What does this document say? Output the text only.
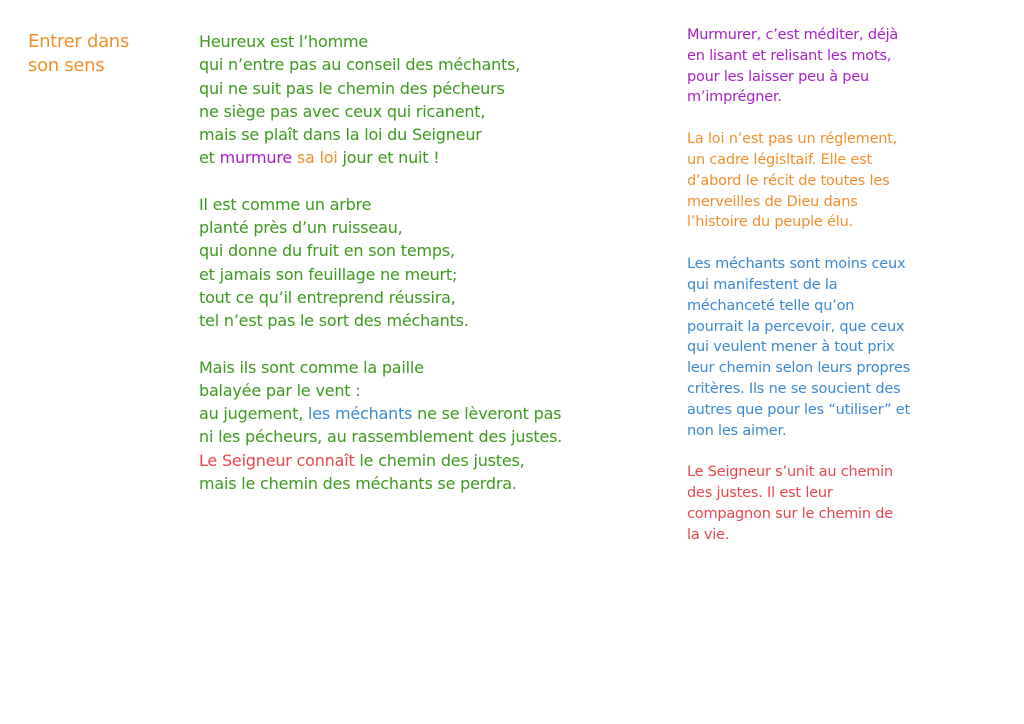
Entrer dans
son sens
Heureux est l’homme
qui n’entre pas au conseil des méchants,
qui ne suit pas le chemin des pécheurs
ne siège pas avec ceux qui ricanent,
mais se plaît dans la loi du Seigneur
et murmure sa loi jour et nuit !
Il est comme un arbre
planté près d’un ruisseau,
qui donne du fruit en son temps,
et jamais son feuillage ne meurt;
tout ce qu’il entreprend réussira,
tel n’est pas le sort des méchants.
Mais ils sont comme la paille
balayée par le vent :
au jugement, les méchants ne se lèveront pas
ni les pécheurs, au rassemblement des justes.
Le Seigneur connaît le chemin des justes,
mais le chemin des méchants se perdra.
Murmurer, c’est méditer, déjà
en lisant et relisant les mots,
pour les laisser peu à peu
m’imprégner.
La loi n’est pas un réglement,
un cadre législtaif. Elle est
d’abord le récit de toutes les
merveilles de Dieu dans
l’histoire du peuple élu.
Les méchants sont moins ceux
qui manifestent de la
méchanceté telle qu’on
pourrait la percevoir, que ceux
qui veulent mener à tout prix
leur chemin selon leurs propres
critères. Ils ne se soucient des
autres que pour les “utiliser” et
non les aimer.
Le Seigneur s’unit au chemin
des justes. Il est leur
compagnon sur le chemin de
la vie.
